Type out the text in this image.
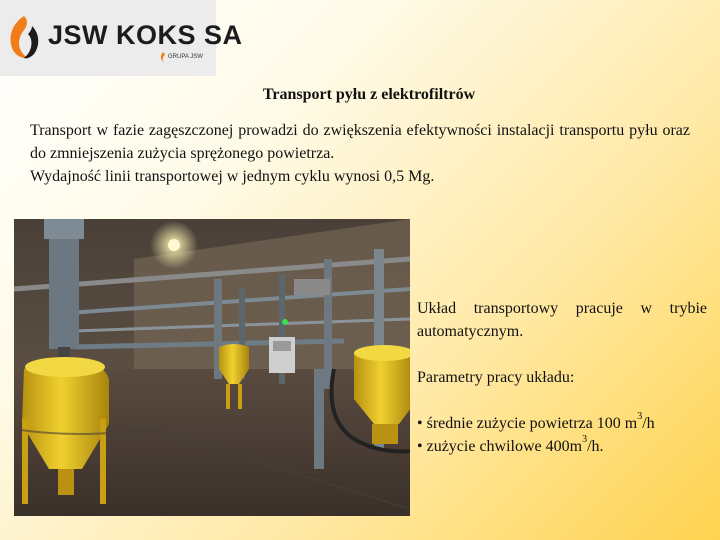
JSW KOKS SA
GRUPA JSW
Transport pyłu z elektrofiltrów

Transport w fazie zagęszczonej prowadzi do zwiększenia efektywności instalacji transportu pyłu oraz do zmniejszenia zużycia sprężonego powietrza.

Wydajność linii transportowej w jednym cyklu wynosi 0,5 Mg.

Układ transportowy pracuje w trybie automatycznym.

Parametry pracy układu:

• średnie zużycie powietrza 100 $m^3/h$

• zużycie chwilowe $400m^3/h$.
